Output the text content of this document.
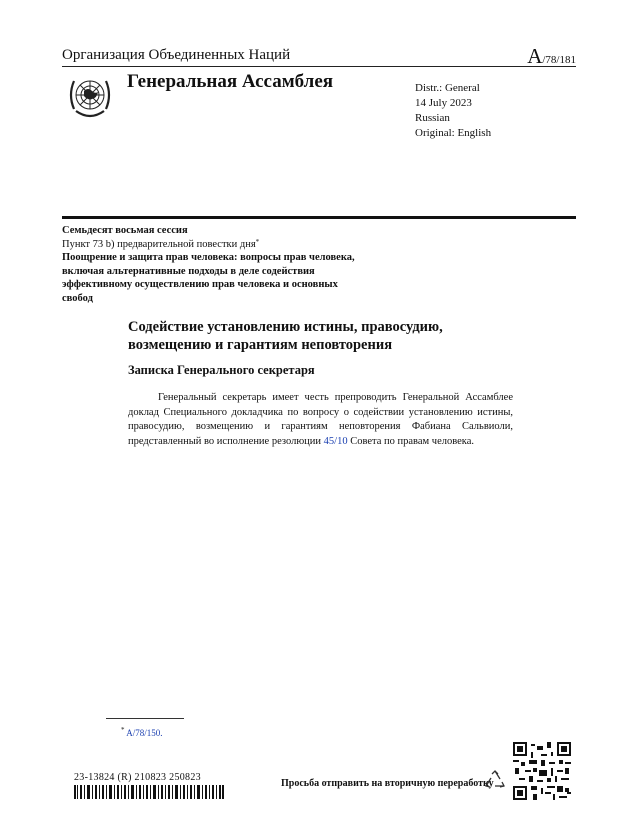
Организация Объединенных Наций	A/78/181
Генеральная Ассамблея	Distr.: General
14 July 2023
Russian
Original: English
Семьдесят восьмая сессия
Пункт 73 b) предварительной повестки дня*
Поощрение и защита прав человека: вопросы прав человека, включая альтернативные подходы в деле содействия эффективному осуществлению прав человека и основных свобод
Содействие установлению истины, правосудию, возмещению и гарантиям неповторения
Записка Генерального секретаря
Генеральный секретарь имеет честь препроводить Генеральной Ассамблее доклад Специального докладчика по вопросу о содействии установлению истины, правосудию, возмещению и гарантиям неповторения Фабиана Сальвиоли, представленный во исполнение резолюции 45/10 Совета по правам человека.
* A/78/150.
23-13824 (R) 210823 250823
Просьба отправить на вторичную переработку
